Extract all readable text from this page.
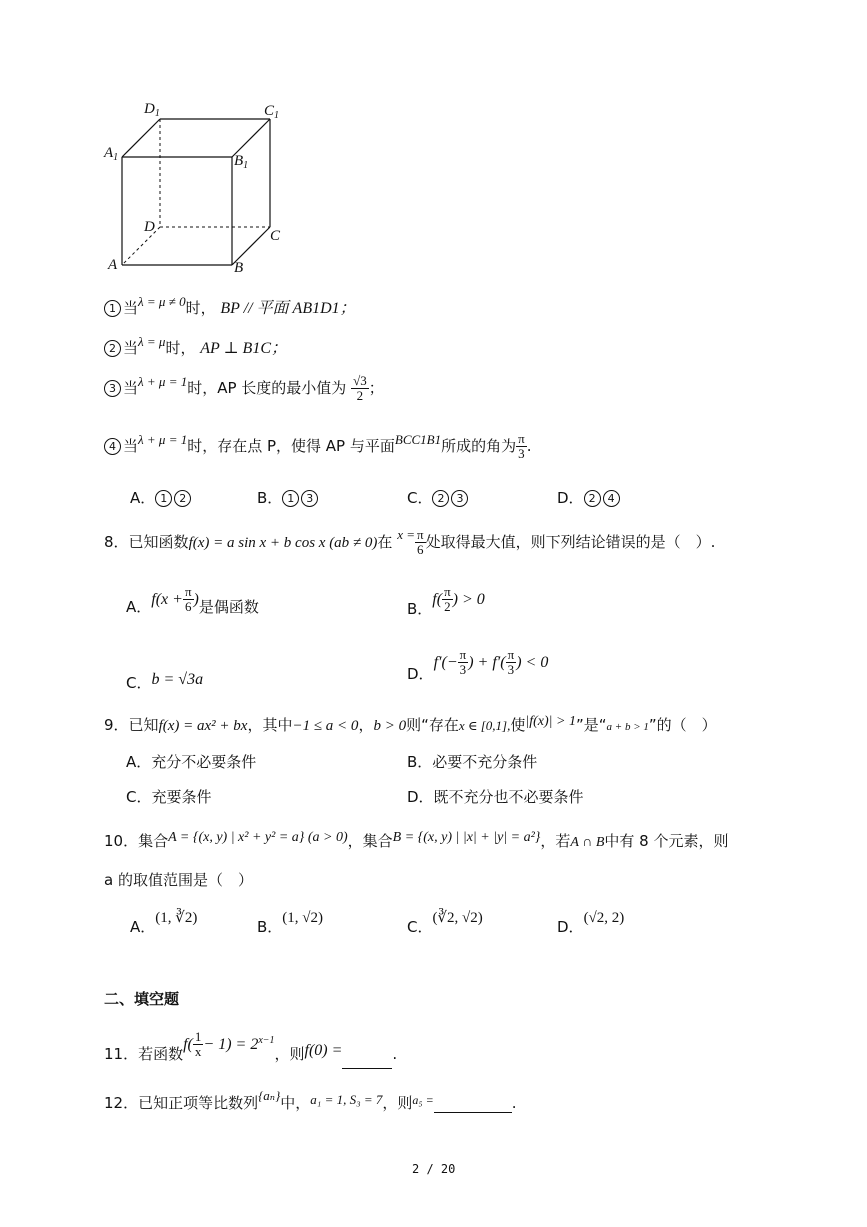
$D_1$	$C_1$
$A_1$	$B_1$
D
C
A	B
1 当λ = μ ≠ 0时， BP // 平面 AB1D1；
2 当λ = μ时， AP ⊥ B1C；
3 当λ + μ = 1时，AP 长度的最小值为 $\frac{√3}{2}$ ；
4 当λ + μ = 1时，存在点 P，使得 AP 与平面BCC1B1所成的角为 $\frac{\pi}{3}$ .
A． 1 2	B． 1 3	C． 2 3	D． 2 4
8．已知函数f(x) = a sin x + b cos x (ab ≠ 0)在 $x = \frac{\pi}{6}$ 处取得最大值，则下列结论错误的是（　）.
A．$f(x + \frac{\pi}{6}$ )是偶函数	B．$f( \frac{\pi}{2}$ ) > 0
C．b = √3a	D．$f'(- \frac{\pi}{3}$ ) + $f'( \frac{\pi}{3}$ ) < 0
9．已知f(x) = ax² + bx，其中−1 ≤ a < 0，b > 0则“存在x ∈ [0,1],使|f(x)| > 1”是“a + b > 1”的（　）
A．充分不必要条件	B．必要不充分条件
C．充要条件	D．既不充分也不必要条件
10．集合A = {(x, y) | x² + y² = a} (a > 0)，集合B = {(x, y) | |x| + |y| = a²}，若A ∩ B中有 8 个元素，则
a 的取值范围是（　）
A．(1, ∛2)	B．(1, √2)	C．(∛2, √2)	D．(√2, 2)
二、填空题
11．若函数$f( \frac{1}{x} - 1) = 2^{x-1}$，则f(0) =	.
12．已知正项等比数列{aₙ}中，a₁ = 1, S₃ = 7，则$^{a_5 =}$	.
2 / 20
